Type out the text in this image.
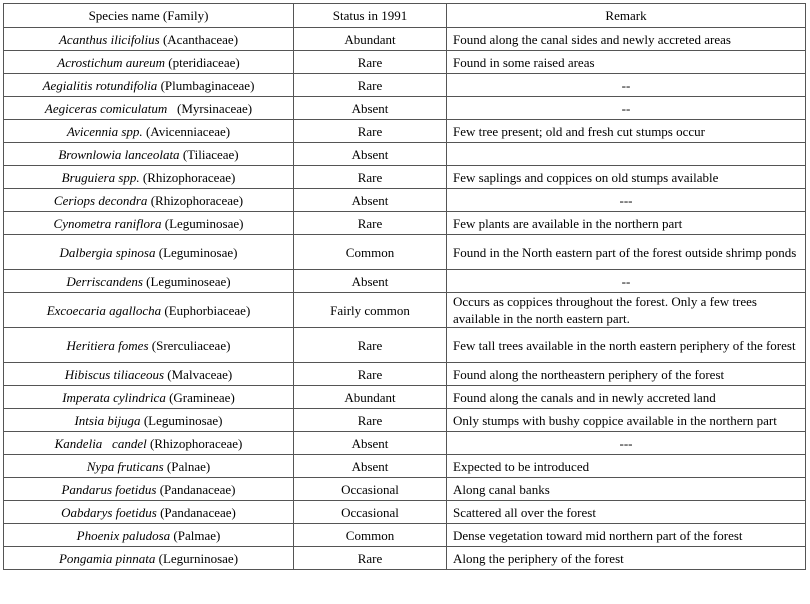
Species name (Family)	Status in 1991	Remark
Acanthus ilicifolius (Acanthaceae)	Abundant	Found along the canal sides and newly accreted areas
Acrostichum aureum (pteridiaceae)	Rare	Found in some raised areas
Aegialitis rotundifolia (Plumbaginaceae)	Rare	--
Aegiceras comiculatum   (Myrsinaceae)	Absent	--
Avicennia spp. (Avicenniaceae)	Rare	Few tree present; old and fresh cut stumps occur
Brownlowia lanceolata (Tiliaceae)	Absent	
Bruguiera spp. (Rhizophoraceae)	Rare	Few saplings and coppices on old stumps available
Ceriops decondra (Rhizophoraceae)	Absent	---
Cynometra raniflora (Leguminosae)	Rare	Few plants are available in the northern part
Dalbergia spinosa (Leguminosae)	Common	Found in the North eastern part of the forest outside shrimp ponds
Derriscandens (Leguminoseae)	Absent	--
Excoecaria agallocha (Euphorbiaceae)	Fairly common	Occurs as coppices throughout the forest. Only a few trees available in the north eastern part.
Heritiera fomes (Srerculiaceae)	Rare	Few tall trees available in the north eastern periphery of the forest
Hibiscus tiliaceous (Malvaceae)	Rare	Found along the northeastern periphery of the forest
Imperata cylindrica (Gramineae)	Abundant	Found along the canals and in newly accreted land
Intsia bijuga (Leguminosae)	Rare	Only stumps with bushy coppice available in the northern part
Kandelia   candel (Rhizophoraceae)	Absent	---
Nypa fruticans (Palnae)	Absent	Expected to be introduced
Pandarus foetidus (Pandanaceae)	Occasional	Along canal banks
Oabdarys foetidus (Pandanaceae)	Occasional	Scattered all over the forest
Phoenix paludosa (Palmae)	Common	Dense vegetation toward mid northern part of the forest
Pongamia pinnata (Legurninosae)	Rare	Along the periphery of the forest
